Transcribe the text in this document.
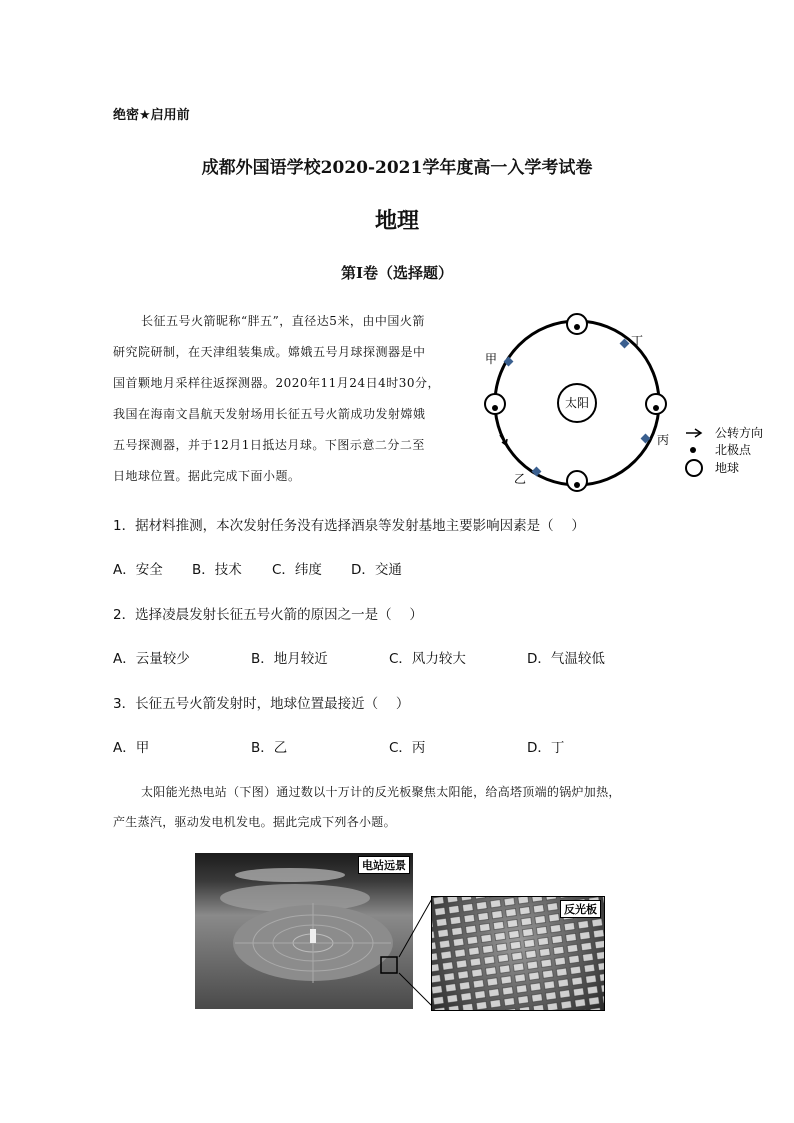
绝密★启用前
成都外国语学校2020-2021学年度高一入学考试卷
地理
第I卷（选择题）
长征五号火箭昵称“胖五”，直径达5米，由中国火箭
研究院研制，在天津组装集成。嫦娥五号月球探测器是中
国首颗地月采样往返探测器。2020年11月24日4时30分，
我国在海南文昌航天发射场用长征五号火箭成功发射嫦娥
五号探测器，并于12月1日抵达月球。下图示意二分二至
日地球位置。据此完成下面小题。
太阳
甲
乙
丙
丁
公转方向
北极点
地球
1．据材料推测，本次发射任务没有选择酒泉等发射基地主要影响因素是（　 ）
A．安全 B．技术 C．纬度 D．交通
2．选择凌晨发射长征五号火箭的原因之一是（　 ）
A．云量较少	B．地月较近	C．风力较大	D．气温较低
3．长征五号火箭发射时，地球位置最接近（　 ）
A．甲	B．乙	C．丙	D．丁
太阳能光热电站（下图）通过数以十万计的反光板聚焦太阳能，给高塔顶端的锅炉加热，
产生蒸汽，驱动发电机发电。据此完成下列各小题。
电站远景
反光板
